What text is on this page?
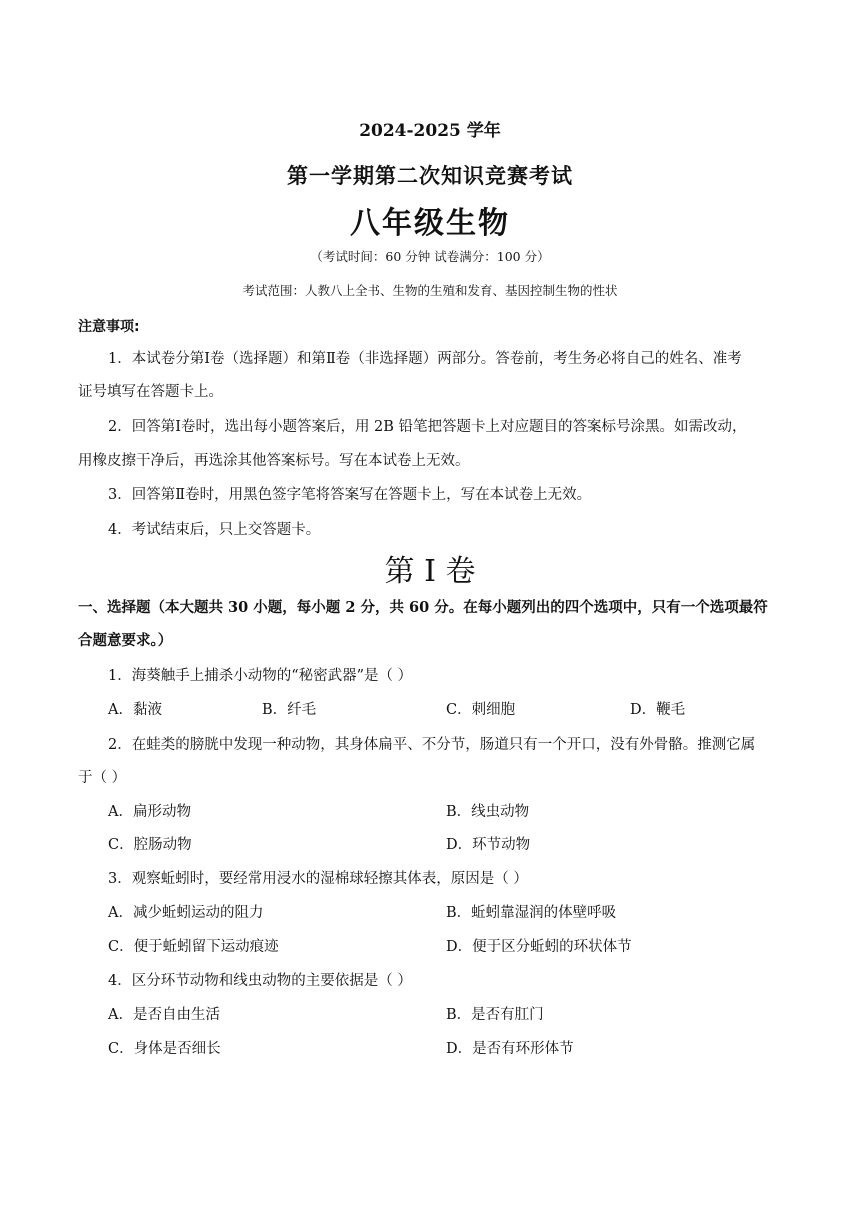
2024-2025 学年
第一学期第二次知识竞赛考试
八年级生物
（考试时间：60 分钟 试卷满分：100 分）
考试范围：人教八上全书、生物的生殖和发育、基因控制生物的性状
注意事项:
1．本试卷分第Ⅰ卷（选择题）和第Ⅱ卷（非选择题）两部分。答卷前，考生务必将自己的姓名、准考
证号填写在答题卡上。
2．回答第Ⅰ卷时，选出每小题答案后，用 2B 铅笔把答题卡上对应题目的答案标号涂黑。如需改动，
用橡皮擦干净后，再选涂其他答案标号。写在本试卷上无效。
3．回答第Ⅱ卷时，用黑色签字笔将答案写在答题卡上，写在本试卷上无效。
4．考试结束后，只上交答题卡。
第 I 卷
一、选择题（本大题共 30 小题，每小题 2 分，共 60 分。在每小题列出的四个选项中，只有一个选项最符
合题意要求。）
1．海葵触手上捕杀小动物的“秘密武器”是（ ）
A．黏液	B．纤毛	C．刺细胞	D．鞭毛
2．在蛙类的膀胱中发现一种动物，其身体扁平、不分节，肠道只有一个开口，没有外骨骼。推测它属
于（ ）
A．扁形动物	B．线虫动物
C．腔肠动物	D．环节动物
3．观察蚯蚓时，要经常用浸水的湿棉球轻擦其体表，原因是（ ）
A．减少蚯蚓运动的阻力	B．蚯蚓靠湿润的体壁呼吸
C．便于蚯蚓留下运动痕迹	D．便于区分蚯蚓的环状体节
4．区分环节动物和线虫动物的主要依据是（ ）
A．是否自由生活	B．是否有肛门
C．身体是否细长	D．是否有环形体节
